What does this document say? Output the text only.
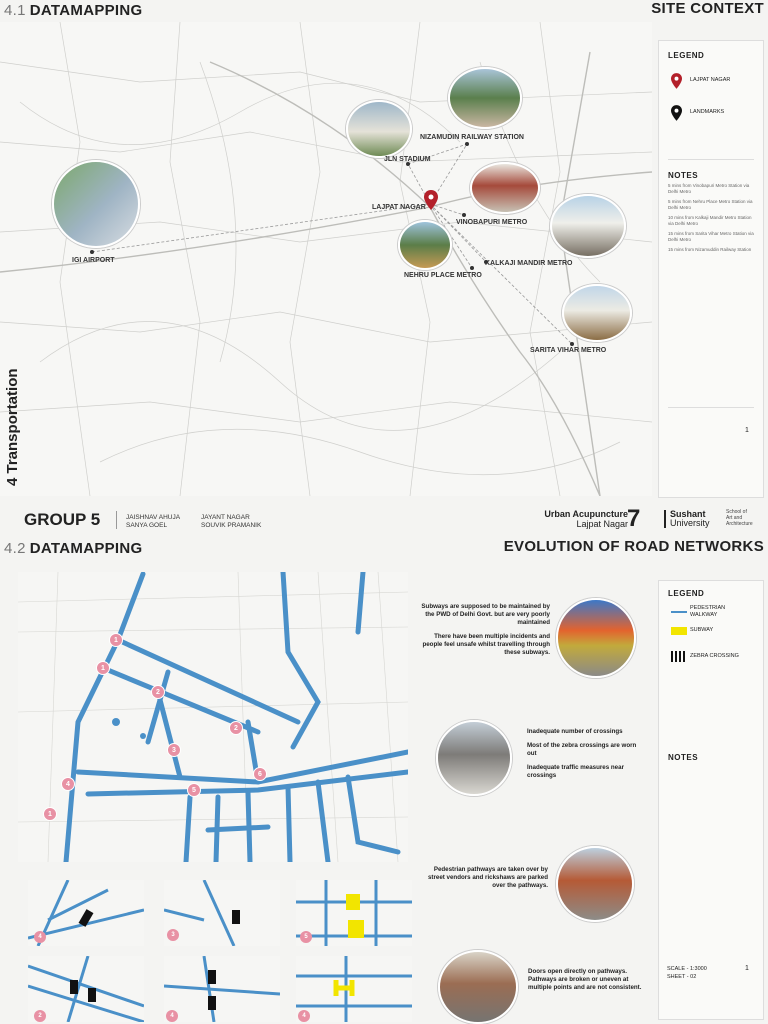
4.1 DATAMAPPING	SITE CONTEXT
NIZAMUDIN RAILWAY STATION
JLN STADIUM
LAJPAT NAGAR
VINOBAPURI METRO
IGI AIRPORT	KALKAJI MANDIR METRO
NEHRU PLACE METRO
SARITA VIHAR METRO
4 Transportation
LEGEND
LAJPAT NAGAR
LANDMARKS
NOTES

5 mins from Vinobapuri Metro Station via Delhi Metro

5 mins from Nehru Place Metro Station via Delhi Metro

10 mins from Kalkaji Mandir Metro Station via Delhi Metro

15 mins from Sarita Vihar Metro Station via Delhi Metro

15 mins from Nizamuddin Railway Station

1
GROUP 5	JAISHNAV AHUJA
SANYA GOEL
JAYANT NAGAR
SOUVIK PRAMANIK
Urban Acupuncture
Lajpat Nagar 7	Sushant
University
School of
Art and
Architecture
4.2 DATAMAPPING	EVOLUTION OF ROAD NETWORKS
1
1
1
2
2
3
4
5
6
4	3	5
2	4	4

Subways are supposed to be maintained by the PWD of Delhi Govt. but are very poorly maintained

There have been multiple incidents and people feel unsafe whilst travelling through these subways.

Inadequate number of crossings

Most of the zebra crossings are worn out

Inadequate traffic measures near crossings

Pedestrian pathways are taken over by street vendors and rickshaws are parked over the pathways.

Doors open directly on pathways. Pathways are broken or uneven at multiple points and are not consistent.

LEGEND
PEDESTRIAN WALKWAY
SUBWAY
ZEBRA CROSSING
NOTES
SCALE - 1:3000
SHEET - 02
1
